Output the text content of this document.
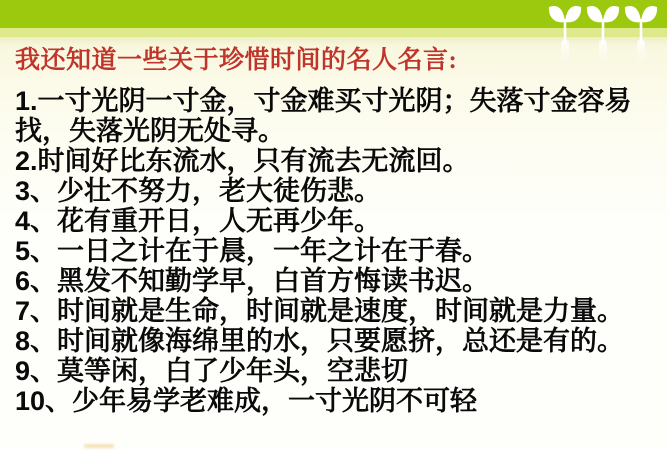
我还知道一些关于珍惜时间的名人名言:
1.一寸光阴一寸金，寸金难买寸光阴；失落寸金容易
找，失落光阴无处寻。
2.时间好比东流水，只有流去无流回。
3、少壮不努力，老大徒伤悲。
4、花有重开日，人无再少年。
5、一日之计在于晨，一年之计在于春。
6、黑发不知勤学早，白首方悔读书迟。
7、时间就是生命，时间就是速度，时间就是力量。
8、时间就像海绵里的水，只要愿挤，总还是有的。
9、莫等闲，白了少年头，空悲切
10、少年易学老难成，一寸光阴不可轻
